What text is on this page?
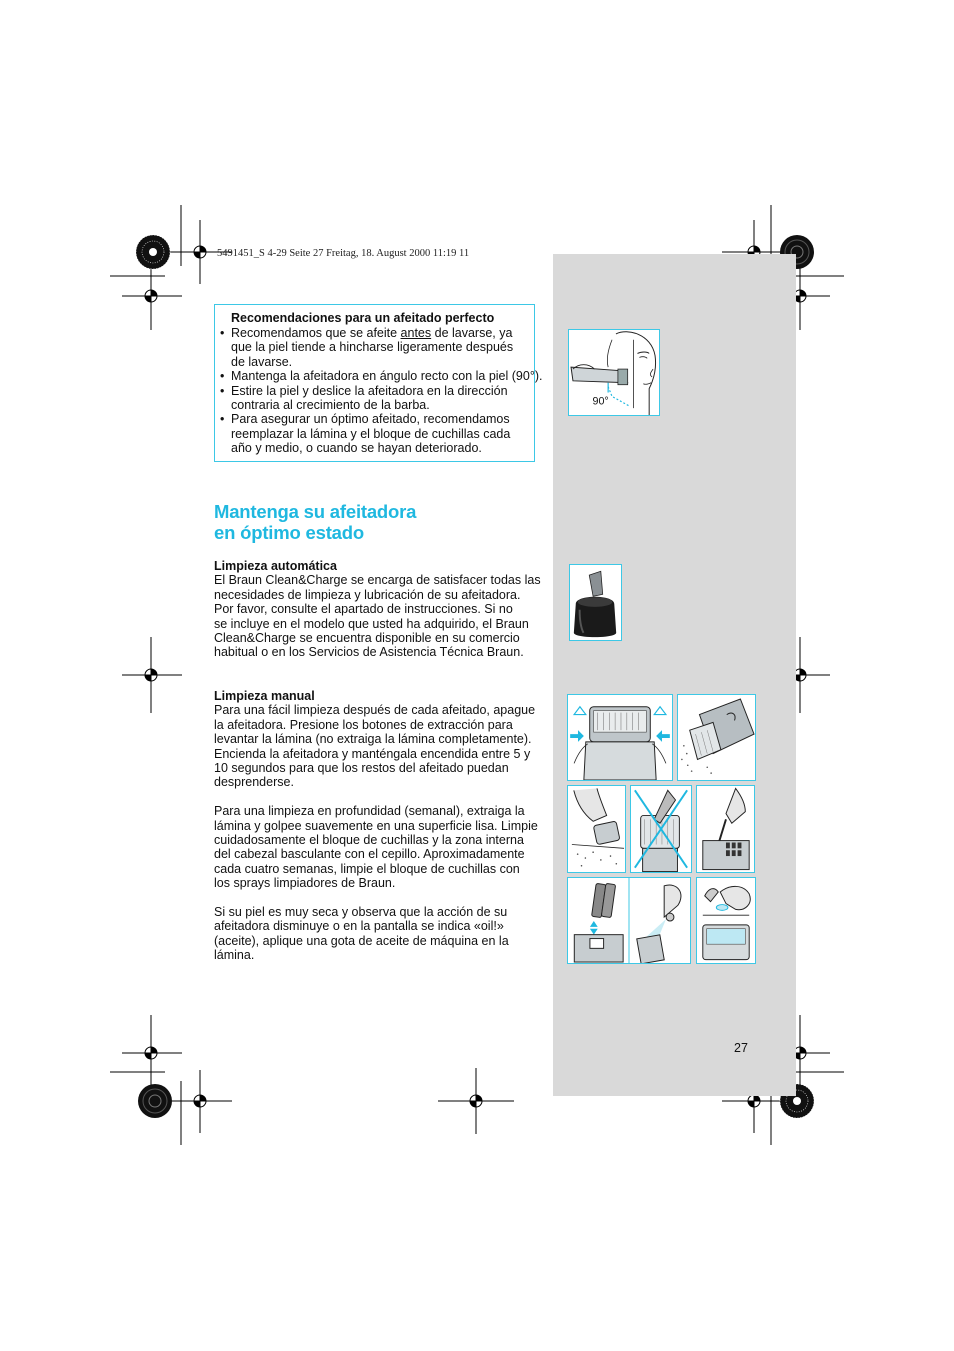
5491451_S 4-29 Seite 27 Freitag, 18. August 2000 11:19 11
Recomendaciones para un afeitado perfecto
• Recomendamos que se afeite antes de lavarse, ya
que la piel tiende a hincharse ligeramente después
de lavarse.
• Mantenga la afeitadora en ángulo recto con la piel (90°).
• Estire la piel y deslice la afeitadora en la dirección
contraria al crecimiento de la barba.
• Para asegurar un óptimo afeitado, recomendamos
reemplazar la lámina y el bloque de cuchillas cada
año y medio, o cuando se hayan deteriorado.
Mantenga su afeitadora
en óptimo estado
Limpieza automática
El Braun Clean&Charge se encarga de satisfacer todas las
necesidades de limpieza y lubricación de su afeitadora.
Por favor, consulte el apartado de instrucciones. Si no
se incluye en el modelo que usted ha adquirido, el Braun
Clean&Charge se encuentra disponible en su comercio
habitual o en los Servicios de Asistencia Técnica Braun.
Limpieza manual
Para una fácil limpieza después de cada afeitado, apague
la afeitadora. Presione los botones de extracción para
levantar la lámina (no extraiga la lámina completamente).
Encienda la afeitadora y manténgala encendida entre 5 y
10 segundos para que los restos del afeitado puedan
desprenderse.
Para una limpieza en profundidad (semanal), extraiga la
lámina y golpee suavemente en una superficie lisa. Limpie
cuidadosamente el bloque de cuchillas y la zona interna
del cabezal basculante con el cepillo. Aproximadamente
cada cuatro semanas, limpie el bloque de cuchillas con
los sprays limpiadores de Braun.
Si su piel es muy seca y observa que la acción de su
afeitadora disminuye o en la pantalla se indica «oil!»
(aceite), aplique una gota de aceite de máquina en la
lámina.
90°
27
